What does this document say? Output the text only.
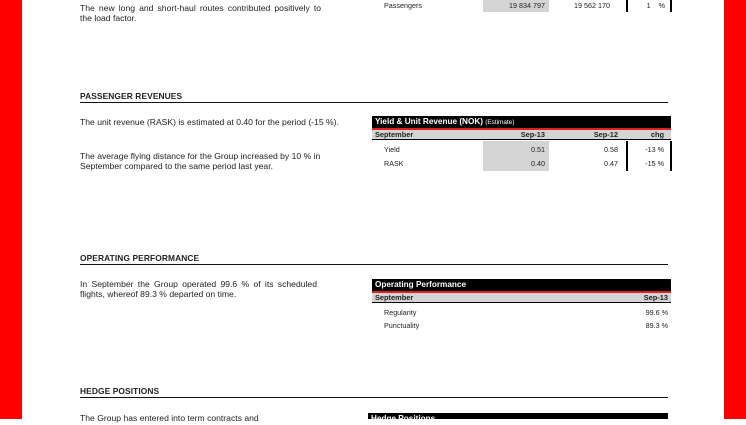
The new long and short-haul routes contributed positively to the load factor.
Passengers	19 834 797	19 562 170	1 %
PASSENGER REVENUES
The unit revenue (RASK) is estimated at 0.40 for the period (-15 %).
The average flying distance for the Group increased by 10 % in September compared to the same period last year.
Yield & Unit Revenue (NOK) (Estimate)
September	Sep-13	Sep-12	chg
Yield	0.51	0.58	-13 %
RASK	0.40	0.47	-15 %
OPERATING PERFORMANCE
In September the Group operated 99.6 % of its scheduled flights, whereof 89.3 % departed on time.
Operating Performance
September	Sep-13
Regularity	99.6 %
Punctuality	89.3 %
HEDGE POSITIONS
The Group has entered into term contracts and	Hedge Positions
